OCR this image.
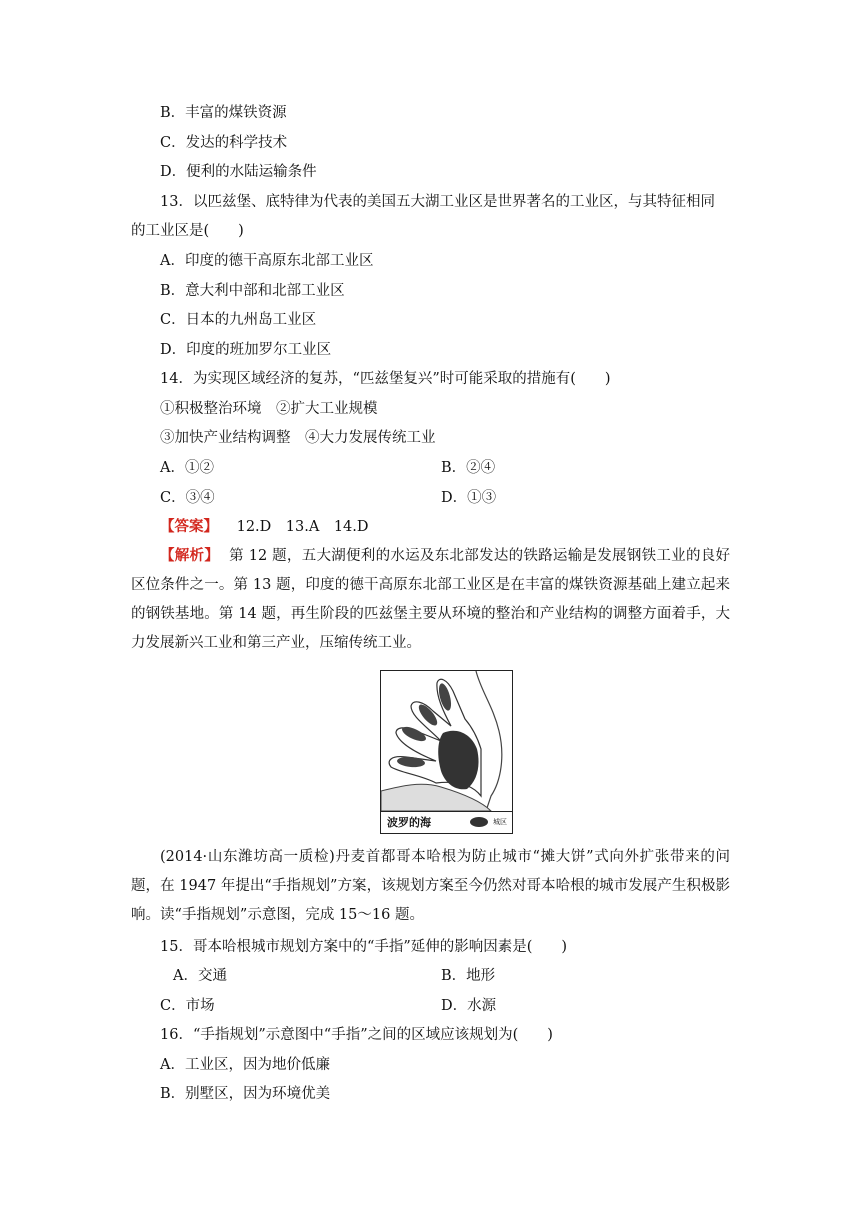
B．丰富的煤铁资源
C．发达的科学技术
D．便利的水陆运输条件
13．以匹兹堡、底特律为代表的美国五大湖工业区是世界著名的工业区，与其特征相同
的工业区是(　　)
A．印度的德干高原东北部工业区
B．意大利中部和北部工业区
C．日本的九州岛工业区
D．印度的班加罗尔工业区
14．为实现区域经济的复苏，“匹兹堡复兴”时可能采取的措施有(　　)
①积极整治环境　②扩大工业规模
③加快产业结构调整　④大力发展传统工业
A．①②	B．②④
C．③④	D．①③
【答案】 12.D　13.A　14.D
【解析】 第 12 题，五大湖便利的水运及东北部发达的铁路运输是发展钢铁工业的良好区位条件之一。第 13 题，印度的德干高原东北部工业区是在丰富的煤铁资源基础上建立起来的钢铁基地。第 14 题，再生阶段的匹兹堡主要从环境的整治和产业结构的调整方面着手，大力发展新兴工业和第三产业，压缩传统工业。
波罗的海	城区
(2014·山东潍坊高一质检)丹麦首都哥本哈根为防止城市“摊大饼”式向外扩张带来的问题，在 1947 年提出“手指规划”方案，该规划方案至今仍然对哥本哈根的城市发展产生积极影响。读“手指规划”示意图，完成 15～16 题。
15．哥本哈根城市规划方案中的“手指”延伸的影响因素是(　　)
A．交通	B．地形
C．市场	D．水源
16．“手指规划”示意图中“手指”之间的区域应该规划为(　　)
A．工业区，因为地价低廉
B．别墅区，因为环境优美
